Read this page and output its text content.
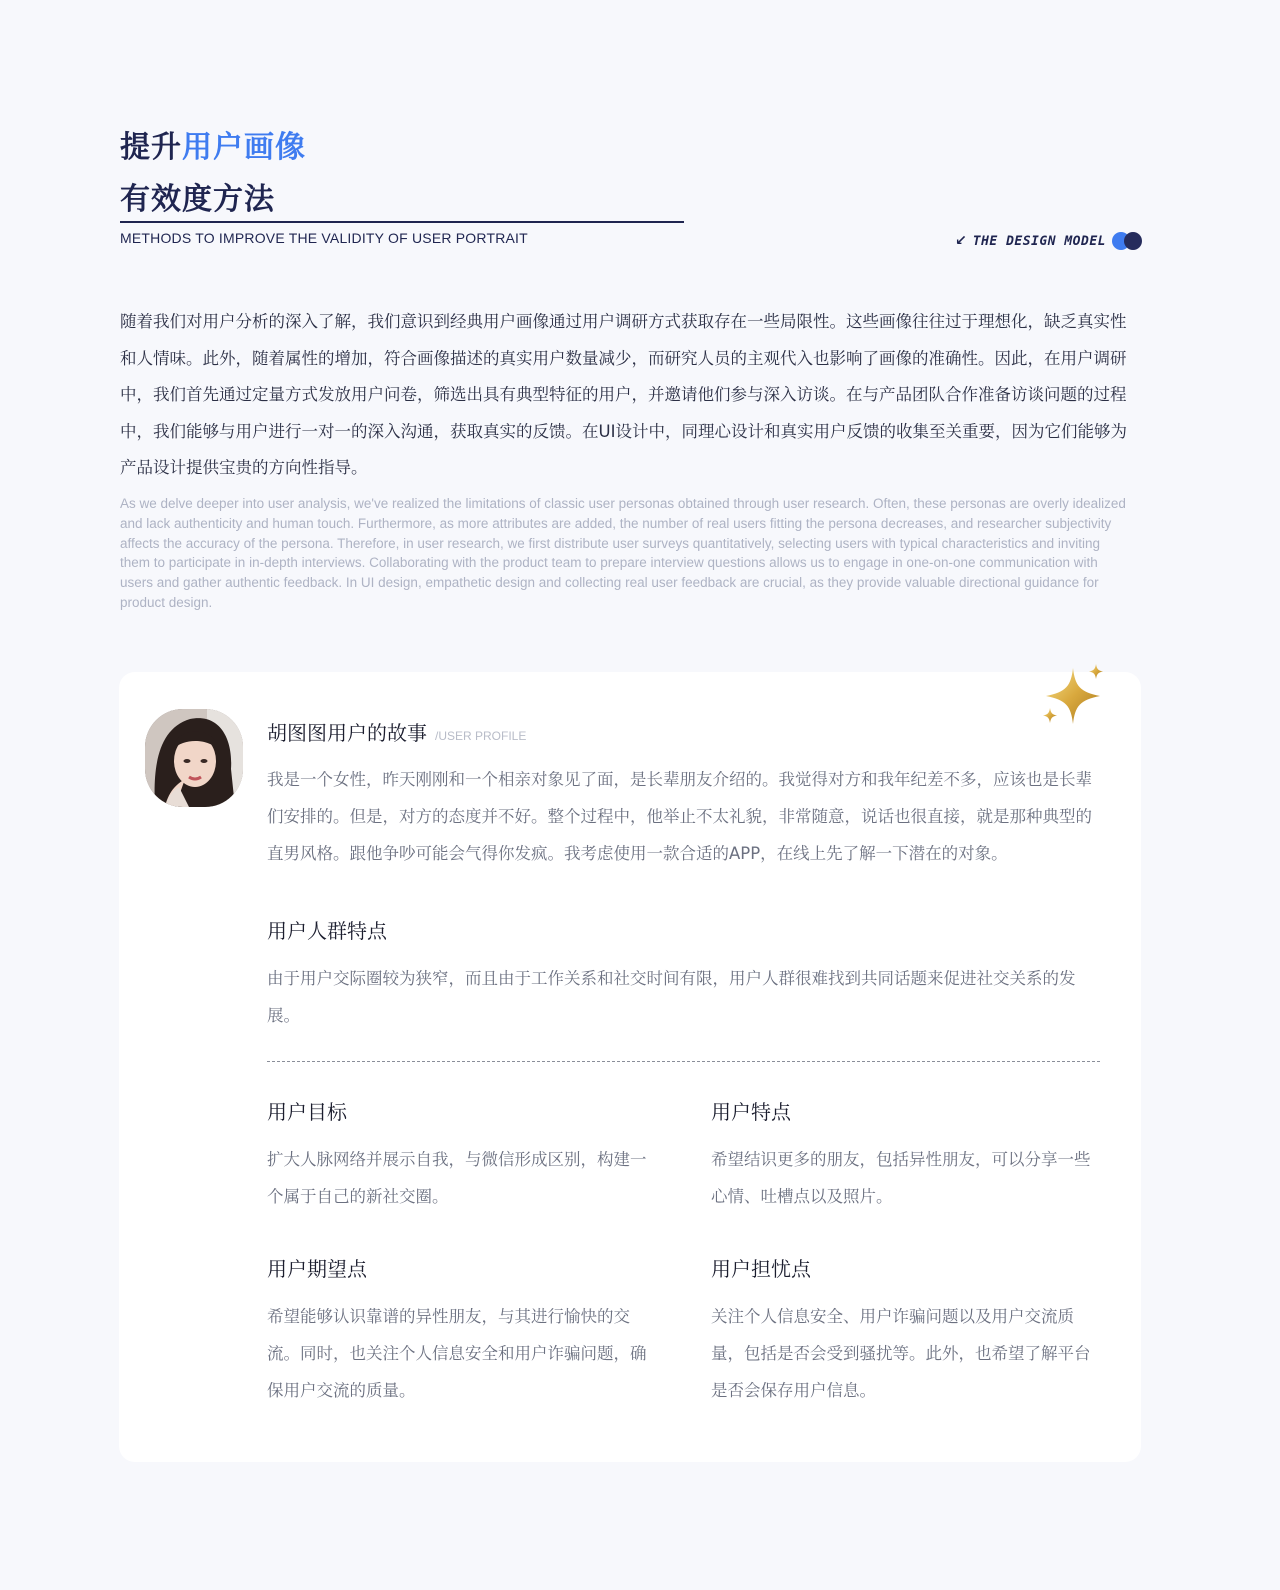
提升用户画像
有效度方法
METHODS TO IMPROVE THE VALIDITY OF USER PORTRAIT	↙ THE DESIGN MODEL
随着我们对用户分析的深入了解，我们意识到经典用户画像通过用户调研方式获取存在一些局限性。这些画像往往过于理想化，缺乏真实性和人情味。此外，随着属性的增加，符合画像描述的真实用户数量减少，而研究人员的主观代入也影响了画像的准确性。因此，在用户调研中，我们首先通过定量方式发放用户问卷，筛选出具有典型特征的用户，并邀请他们参与深入访谈。在与产品团队合作准备访谈问题的过程中，我们能够与用户进行一对一的深入沟通，获取真实的反馈。在UI设计中，同理心设计和真实用户反馈的收集至关重要，因为它们能够为产品设计提供宝贵的方向性指导。
As we delve deeper into user analysis, we've realized the limitations of classic user personas obtained through user research. Often, these personas are overly idealized and lack authenticity and human touch. Furthermore, as more attributes are added, the number of real users fitting the persona decreases, and researcher subjectivity affects the accuracy of the persona. Therefore, in user research, we first distribute user surveys quantitatively, selecting users with typical characteristics and inviting them to participate in in-depth interviews. Collaborating with the product team to prepare interview questions allows us to engage in one-on-one communication with users and gather authentic feedback. In UI design, empathetic design and collecting real user feedback are crucial, as they provide valuable directional guidance for product design.
胡图图用户的故事 /USER PROFILE
我是一个女性，昨天刚刚和一个相亲对象见了面，是长辈朋友介绍的。我觉得对方和我年纪差不多，应该也是长辈们安排的。但是，对方的态度并不好。整个过程中，他举止不太礼貌，非常随意，说话也很直接，就是那种典型的直男风格。跟他争吵可能会气得你发疯。我考虑使用一款合适的APP，在线上先了解一下潜在的对象。
用户人群特点
由于用户交际圈较为狭窄，而且由于工作关系和社交时间有限，用户人群很难找到共同话题来促进社交关系的发展。
用户目标
扩大人脉网络并展示自我，与微信形成区别，构建一个属于自己的新社交圈。
用户特点
希望结识更多的朋友，包括异性朋友，可以分享一些心情、吐槽点以及照片。
用户期望点
希望能够认识靠谱的异性朋友，与其进行愉快的交流。同时，也关注个人信息安全和用户诈骗问题，确保用户交流的质量。
用户担忧点
关注个人信息安全、用户诈骗问题以及用户交流质量，包括是否会受到骚扰等。此外，也希望了解平台是否会保存用户信息。
